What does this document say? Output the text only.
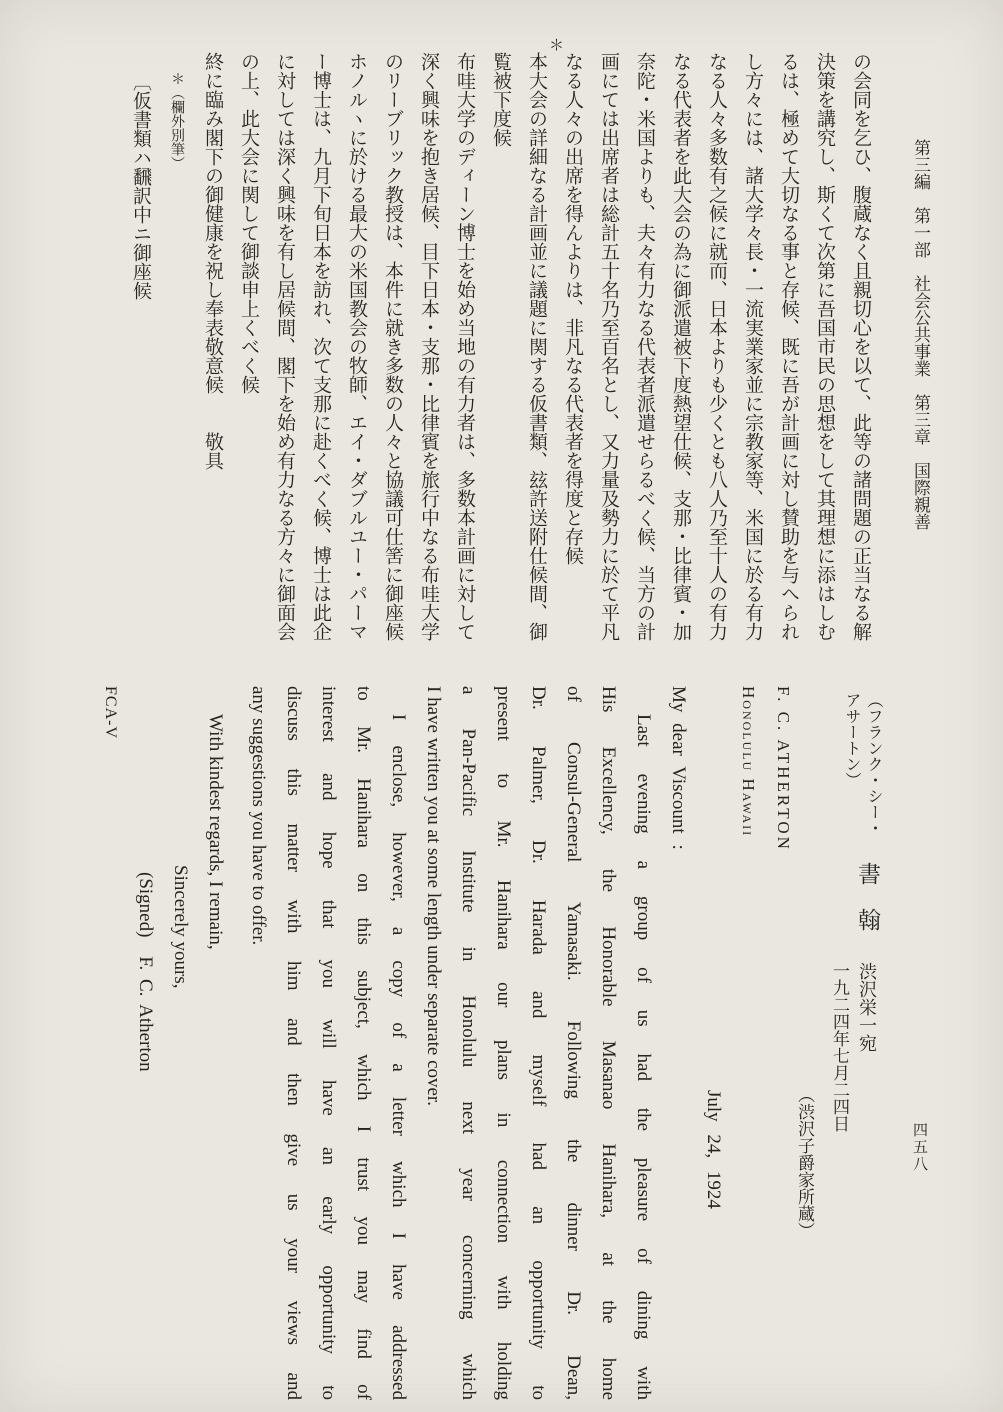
第三編　第一部　社会公共事業　第三章　国際親善
四五八
の会同を乞ひ、腹蔵なく且親切心を以て、此等の諸問題の正当なる解
決策を講究し、斯くて次第に吾国市民の思想をして其理想に添はしむ
るは、極めて大切なる事と存候、既に吾が計画に対し賛助を与へられ
し方々には、諸大学々長・一流実業家並に宗教家等、米国に於る有力
なる人々多数有之候に就而、日本よりも少くとも八人乃至十人の有力
なる代表者を此大会の為に御派遣被下度熱望仕候、支那・比律賓・加
奈陀・米国よりも、夫々有力なる代表者派遣せらるべく候、当方の計
画にては出席者は総計五十名乃至百名とし、又力量及勢力に於て平凡
なる人々の出席を得んよりは、非凡なる代表者を得度と存候
本大会の詳細なる計画並に議題に関する仮書類、玆許送附仕候間、御
覧被下度候
布哇大学のディーン博士を始め当地の有力者は、多数本計画に対して
深く興味を抱き居候、目下日本・支那・比律賓を旅行中なる布哇大学
のリーブリック教授は、本件に就き多数の人々と協議可仕筈に御座候
ホノルヽに於ける最大の米国教会の牧師、エイ・ダブルユー・パーマ
ー博士は、九月下旬日本を訪れ、次て支那に赴くべく候、博士は此企
に対しては深く興味を有し居候間、閣下を始め有力なる方々に御面会
の上、此大会に関して御談申上くべく候
終に臨み閣下の御健康を祝し奉表敬意候　　敬具
＊（欄外別筆）
〔仮書類ハ飜訳中ニ御座候
＊
（フランク・シー・
アサートン）
書　翰
渋沢栄一宛
一九二四年七月二四日
（渋沢子爵家所蔵）
F. C. ATHERTON
Honolulu Hawaii
July 24, 1924
My dear Viscount :
Last evening a group of us had the pleasure of dining with
His Excellency, the Honorable Masanao Hanihara, at the home
of Consul-General Yamasaki. Following the dinner Dr. Dean,
Dr. Palmer, Dr. Harada and myself had an opportunity to
present to Mr. Hanihara our plans in connection with holding
a Pan-Pacific Institute in Honolulu next year concerning which
I have written you at some length under separate cover.
I enclose, however, a copy of a letter which I have addressed
to Mr. Hanihara on this subject, which I trust you may find of
interest and hope that you will have an early opportunity to
discuss this matter with him and then give us your views and
any suggestions you have to offer.
With kindest regards, I remain,
Sincerely yours,
(Signed)　F. C. Atherton
FCA-V
